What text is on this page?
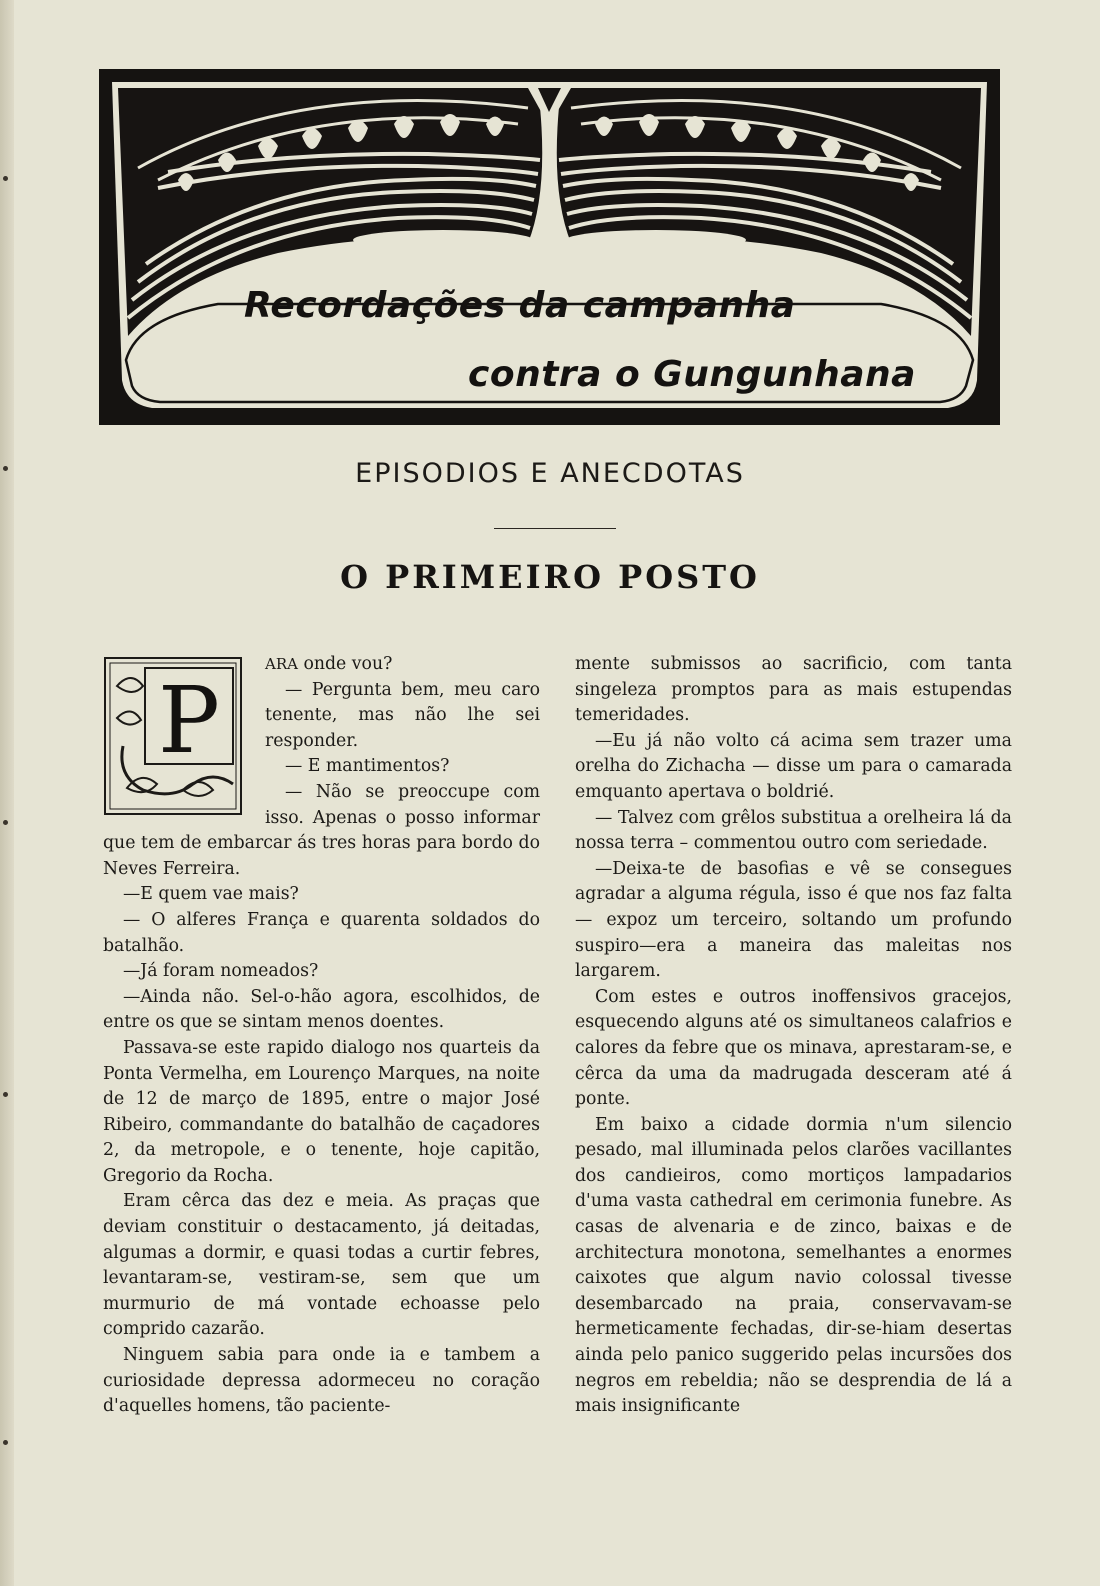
Recordações da campanha
contra o Gungunhana
EPISODIOS E ANECDOTAS
O PRIMEIRO POSTO
P

ARA onde vou?

— Pergunta bem, meu caro tenente, mas não lhe sei responder.

— E mantimentos?

— Não se preoccupe com isso. Apenas o posso informar que tem de embarcar ás tres horas para bordo do Neves Ferreira.

—E quem vae mais?

— O alferes França e quarenta soldados do batalhão.

—Já foram nomeados?

—Ainda não. Sel-o-hão agora, escolhidos, de entre os que se sintam menos doentes.

Passava-se este rapido dialogo nos quarteis da Ponta Vermelha, em Lourenço Marques, na noite de 12 de março de 1895, entre o major José Ribeiro, commandante do batalhão de caçadores 2, da metropole, e o tenente, hoje capitão, Gregorio da Rocha.

Eram cêrca das dez e meia. As praças que deviam constituir o destacamento, já deitadas, algumas a dormir, e quasi todas a curtir febres, levantaram-se, vestiram-se, sem que um murmurio de má vontade echoasse pelo comprido cazarão.

Ninguem sabia para onde ia e tambem a curiosidade depressa adormeceu no coração d'aquelles homens, tão paciente-

mente submissos ao sacrificio, com tanta singeleza promptos para as mais estupendas temeridades.

—Eu já não volto cá acima sem trazer uma orelha do Zichacha — disse um para o camarada emquanto apertava o boldrié.

— Talvez com grêlos substitua a orelheira lá da nossa terra – commentou outro com seriedade.

—Deixa-te de basofias e vê se consegues agradar a alguma régula, isso é que nos faz falta — expoz um terceiro, soltando um profundo suspiro—era a maneira das maleitas nos largarem.

Com estes e outros inoffensivos gracejos, esquecendo alguns até os simultaneos calafrios e calores da febre que os minava, aprestaram-se, e cêrca da uma da madrugada desceram até á ponte.

Em baixo a cidade dormia n'um silencio pesado, mal illuminada pelos clarões vacillantes dos candieiros, como mortiços lampadarios d'uma vasta cathedral em cerimonia funebre. As casas de alvenaria e de zinco, baixas e de architectura monotona, semelhantes a enormes caixotes que algum navio colossal tivesse desembarcado na praia, conservavam-se hermeticamente fechadas, dir-se-hiam desertas ainda pelo panico suggerido pelas incursões dos negros em rebeldia; não se desprendia de lá a mais insignificante
